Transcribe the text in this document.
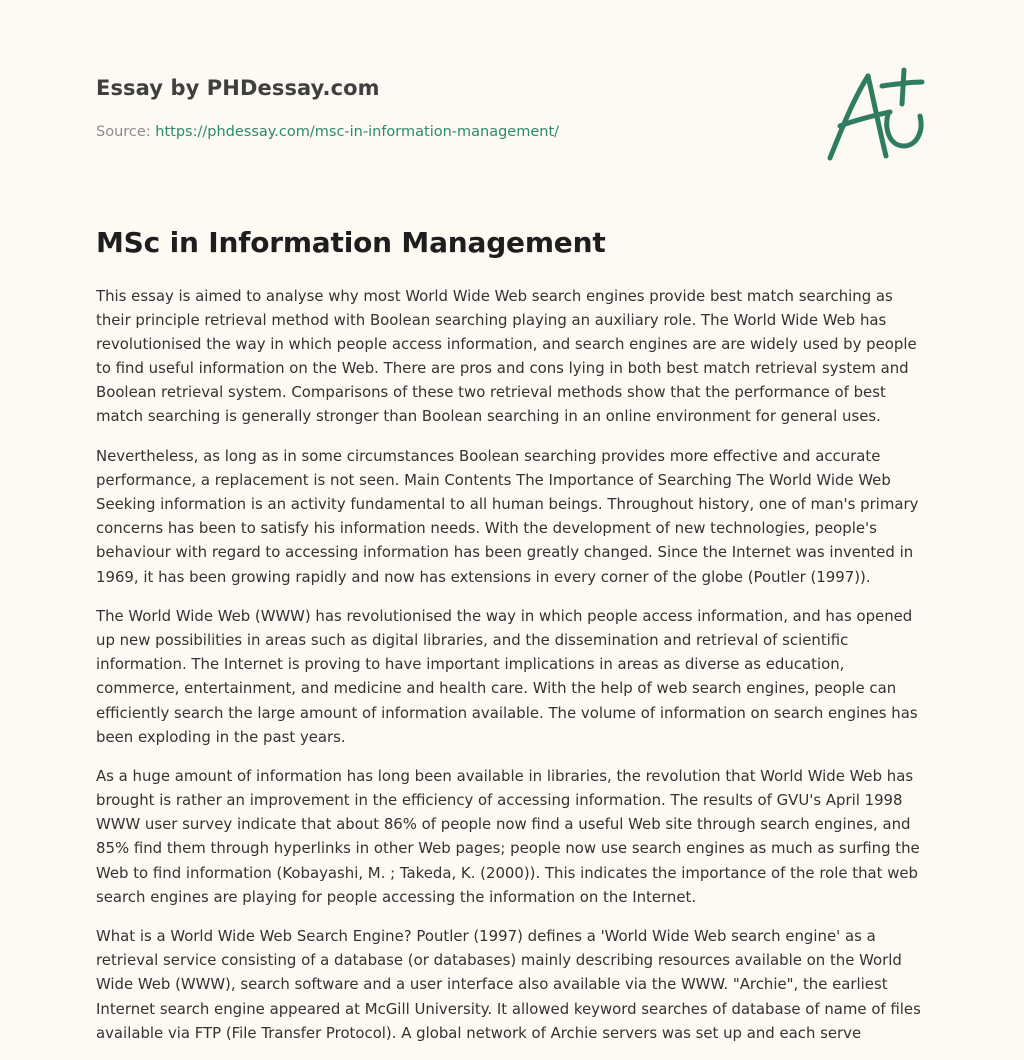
Essay by PHDessay.com
Source: https://phdessay.com/msc-in-information-management/
MSc in Information Management

This essay is aimed to analyse why most World Wide Web search engines provide best match searching as their principle retrieval method with Boolean searching playing an auxiliary role. The World Wide Web has revolutionised the way in which people access information, and search engines are are widely used by people to find useful information on the Web. There are pros and cons lying in both best match retrieval system and Boolean retrieval system. Comparisons of these two retrieval methods show that the performance of best match searching is generally stronger than Boolean searching in an online environment for general uses.

Nevertheless, as long as in some circumstances Boolean searching provides more effective and accurate performance, a replacement is not seen. Main Contents The Importance of Searching The World Wide Web Seeking information is an activity fundamental to all human beings. Throughout history, one of man's primary concerns has been to satisfy his information needs. With the development of new technologies, people's behaviour with regard to accessing information has been greatly changed. Since the Internet was invented in 1969, it has been growing rapidly and now has extensions in every corner of the globe (Poutler (1997)).

The World Wide Web (WWW) has revolutionised the way in which people access information, and has opened up new possibilities in areas such as digital libraries, and the dissemination and retrieval of scientific information. The Internet is proving to have important implications in areas as diverse as education, commerce, entertainment, and medicine and health care. With the help of web search engines, people can efficiently search the large amount of information available. The volume of information on search engines has been exploding in the past years.

As a huge amount of information has long been available in libraries, the revolution that World Wide Web has brought is rather an improvement in the efficiency of accessing information. The results of GVU's April 1998 WWW user survey indicate that about 86% of people now find a useful Web site through search engines, and 85% find them through hyperlinks in other Web pages; people now use search engines as much as surfing the Web to find information (Kobayashi, M. ; Takeda, K. (2000)). This indicates the importance of the role that web search engines are playing for people accessing the information on the Internet.

What is a World Wide Web Search Engine? Poutler (1997) defines a 'World Wide Web search engine' as a retrieval service consisting of a database (or databases) mainly describing resources available on the World Wide Web (WWW), search software and a user interface also available via the WWW. "Archie", the earliest Internet search engine appeared at McGill University. It allowed keyword searches of database of name of files available via FTP (File Transfer Protocol). A global network of Archie servers was set up and each serve
